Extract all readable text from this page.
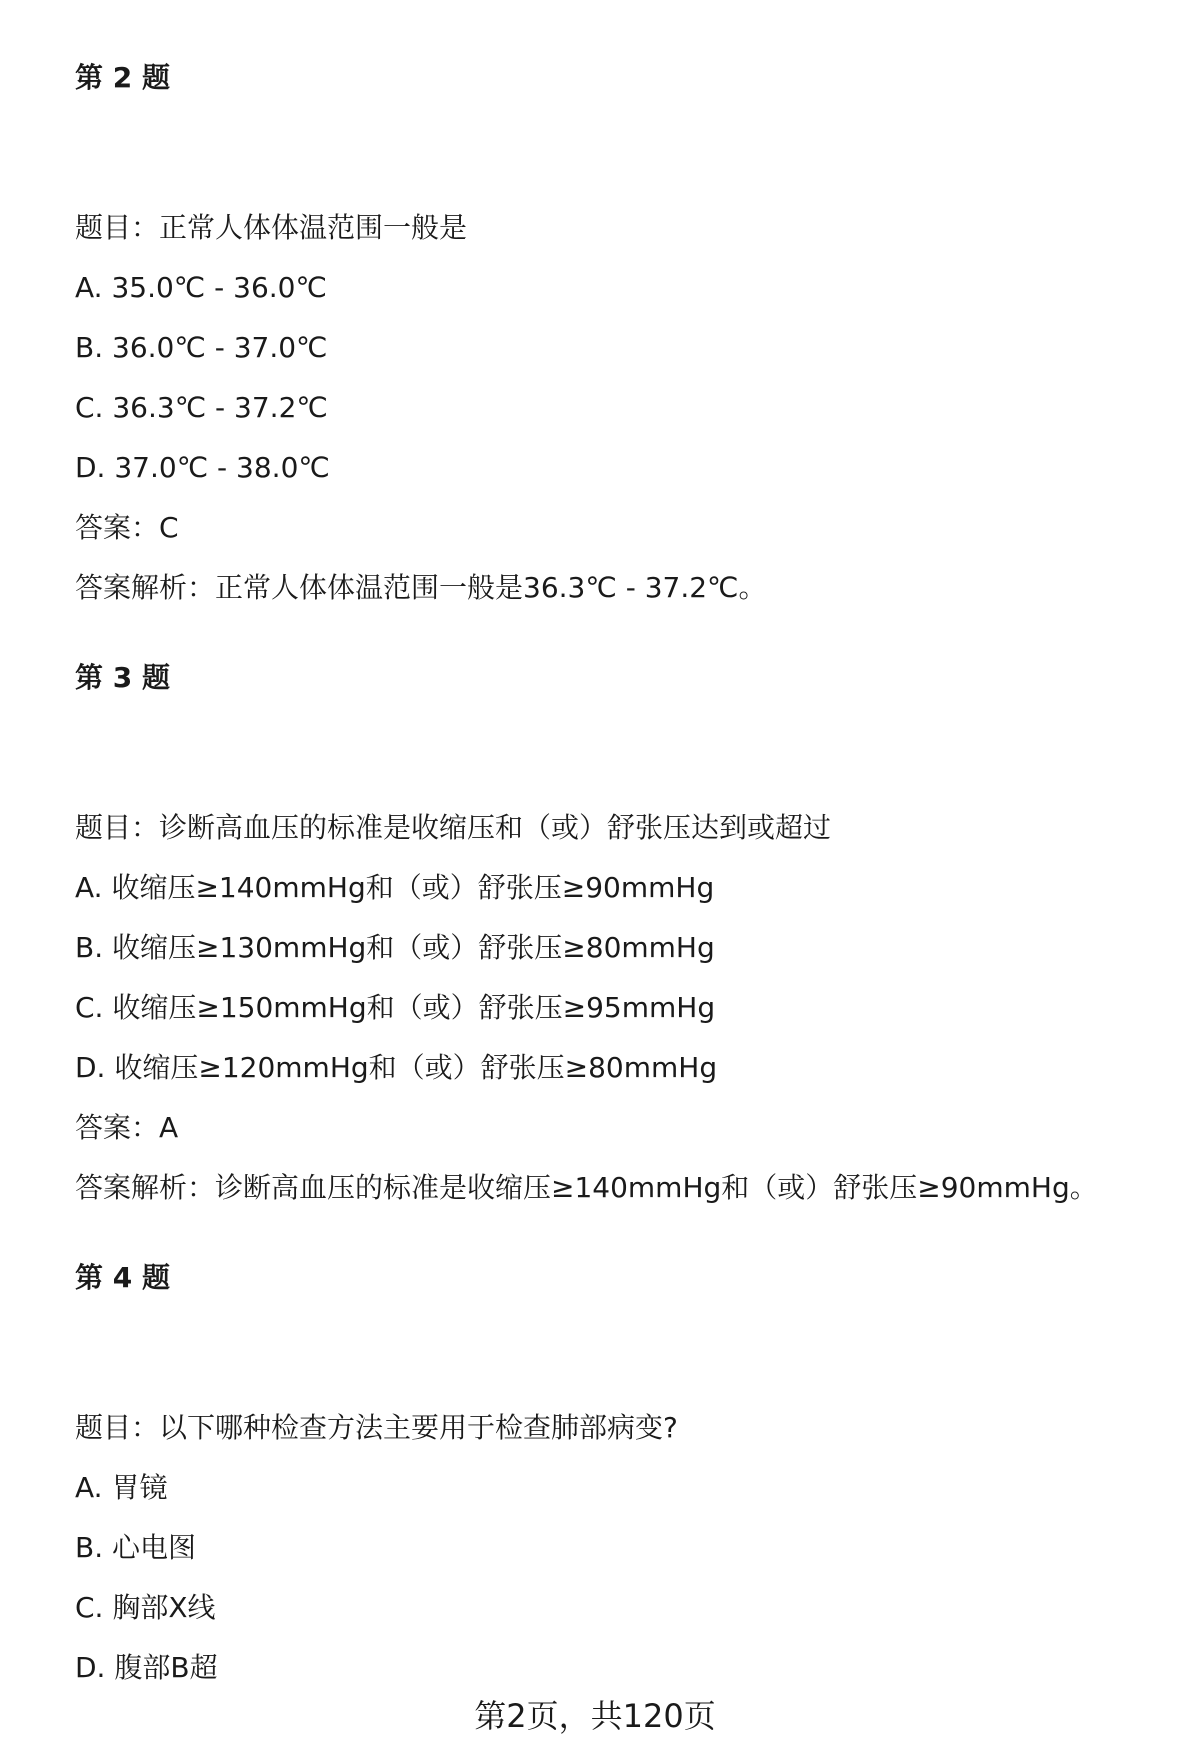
第 2 题
题目：正常人体体温范围一般是
A. 35.0℃ - 36.0℃
B. 36.0℃ - 37.0℃
C. 36.3℃ - 37.2℃
D. 37.0℃ - 38.0℃
答案：C
答案解析：正常人体体温范围一般是36.3℃ - 37.2℃。
第 3 题
题目：诊断高血压的标准是收缩压和（或）舒张压达到或超过
A. 收缩压≥140mmHg和（或）舒张压≥90mmHg
B. 收缩压≥130mmHg和（或）舒张压≥80mmHg
C. 收缩压≥150mmHg和（或）舒张压≥95mmHg
D. 收缩压≥120mmHg和（或）舒张压≥80mmHg
答案：A
答案解析：诊断高血压的标准是收缩压≥140mmHg和（或）舒张压≥90mmHg。
第 4 题
题目：以下哪种检查方法主要用于检查肺部病变?
A. 胃镜
B. 心电图
C. 胸部X线
D. 腹部B超
第2页，共120页
